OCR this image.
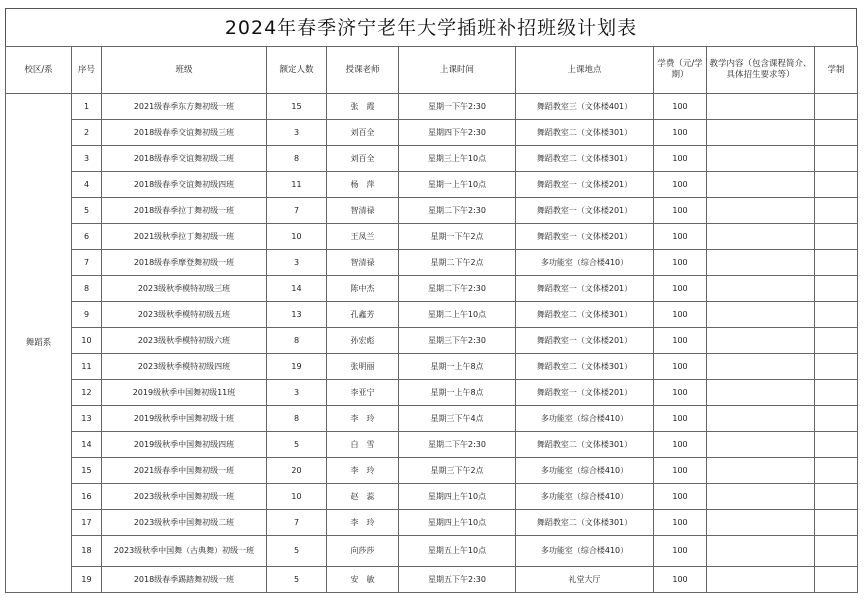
2024年春季济宁老年大学插班补招班级计划表
校区/系	序号	班级	额定人数	授课老师	上课时间	上课地点	学费（元/学期）	教学内容（包含课程简介、具体招生要求等）	学制
舞蹈系	1	2021级春季东方舞初级一班	15	张　霞	星期一下午2:30	舞蹈教室三（文体楼401）	100		
	2	2018级春季交谊舞初级三班	3	刘百全	星期四下午2:30	舞蹈教室二（文体楼301）	100		
	3	2018级春季交谊舞初级二班	8	刘百全	星期三上午10点	舞蹈教室二（文体楼301）	100		
	4	2018级春季交谊舞初级四班	11	杨　萍	星期一上午10点	舞蹈教室一（文体楼201）	100		
	5	2018级春季拉丁舞初级一班	7	智清禄	星期二下午2:30	舞蹈教室一（文体楼201）	100		
	6	2021级秋季拉丁舞初级一班	10	王凤兰	星期一下午2点	舞蹈教室一（文体楼201）	100		
	7	2018级春季摩登舞初级一班	3	智清禄	星期二下午2点	多功能室（综合楼410）	100		
	8	2023级秋季模特初级三班	14	陈中杰	星期二下午2:30	舞蹈教室一（文体楼201）	100		
	9	2023级秋季模特初级五班	13	孔鑫芳	星期二上午10点	舞蹈教室二（文体楼301）	100		
	10	2023级秋季模特初级六班	8	孙宏彪	星期三下午2:30	舞蹈教室一（文体楼201）	100		
	11	2023级秋季模特初级四班	19	张明丽	星期一上午8点	舞蹈教室二（文体楼301）	100		
	12	2019级秋季中国舞初级11班	3	李亚宁	星期一上午8点	舞蹈教室一（文体楼201）	100		
	13	2019级秋季中国舞初级十班	8	李　玲	星期三下午4点	多功能室（综合楼410）	100		
	14	2019级秋季中国舞初级四班	5	白　雪	星期二下午2:30	舞蹈教室二（文体楼301）	100		
	15	2021级春季中国舞初级一班	20	李　玲	星期三下午2点	多功能室（综合楼410）	100		
	16	2023级秋季中国舞初级一班	10	赵　蕊	星期四上午10点	多功能室（综合楼410）	100		
	17	2023级秋季中国舞初级二班	7	李　玲	星期四上午10点	舞蹈教室二（文体楼301）	100		
	18	2023级秋季中国舞（古典舞）初级一班	5	向莎莎	星期五上午10点	多功能室（综合楼410）	100		
	19	2018级春季踢踏舞初级一班	5	安　敏	星期五下午2:30	礼堂大厅	100		
